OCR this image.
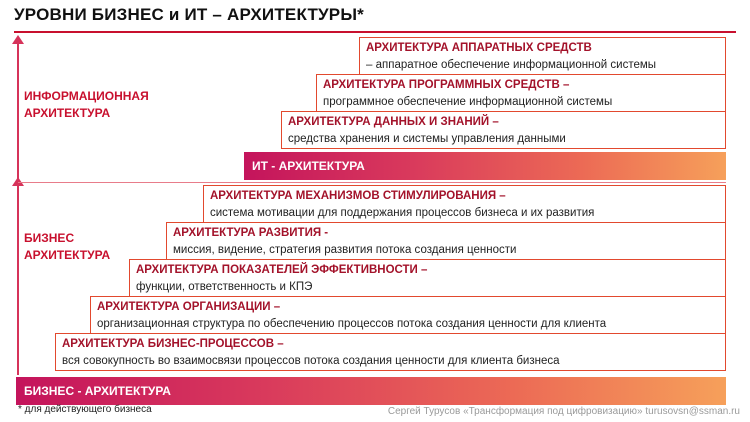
УРОВНИ БИЗНЕС и ИТ – АРХИТЕКТУРЫ*
ИНФОРМАЦИОННАЯ
АРХИТЕКТУРА
БИЗНЕС
АРХИТЕКТУРА
АРХИТЕКТУРА АППАРАТНЫХ СРЕДСТВ
– аппаратное обеспечение информационной системы
АРХИТЕКТУРА ПРОГРАММНЫХ СРЕДСТВ –
программное обеспечение информационной системы
АРХИТЕКТУРА ДАННЫХ И ЗНАНИЙ –
средства хранения и системы управления данными
ИТ - АРХИТЕКТУРА
АРХИТЕКТУРА МЕХАНИЗМОВ СТИМУЛИРОВАНИЯ –
система мотивации для поддержания процессов бизнеса и их развития
АРХИТЕКТУРА РАЗВИТИЯ -
миссия, видение, стратегия развития потока создания ценности
АРХИТЕКТУРА ПОКАЗАТЕЛЕЙ ЭФФЕКТИВНОСТИ –
функции, ответственность и КПЭ
АРХИТЕКТУРА ОРГАНИЗАЦИИ –
организационная структура по обеспечению процессов потока создания ценности для клиента
АРХИТЕКТУРА БИЗНЕС-ПРОЦЕССОВ –
вся совокупность во взаимосвязи процессов потока создания ценности для клиента бизнеса
БИЗНЕС - АРХИТЕКТУРА
* для действующего бизнеса	Сергей Турусов «Трансформация под цифровизацию» turusovsn@ssman.ru
